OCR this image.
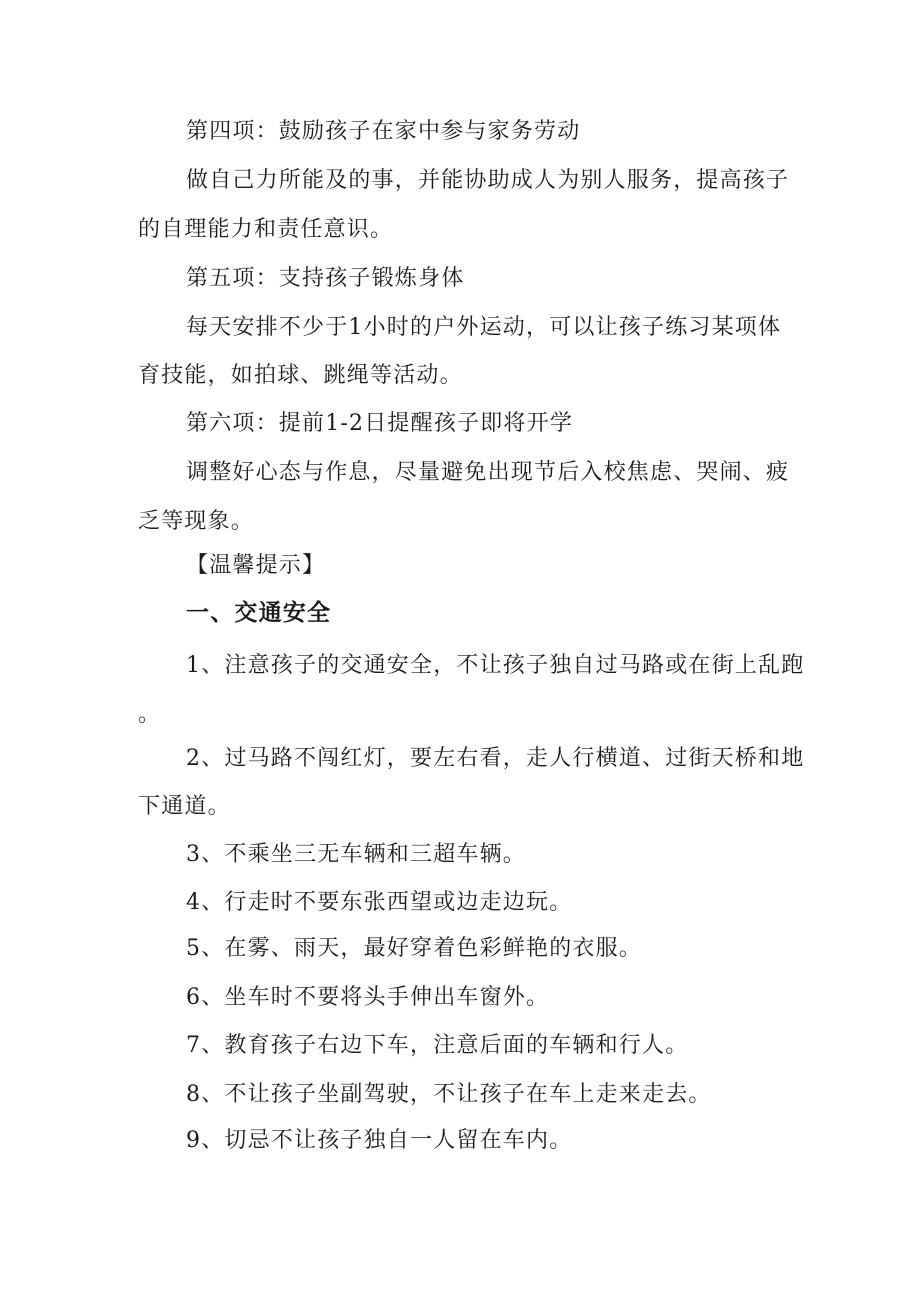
第四项：鼓励孩子在家中参与家务劳动
做自己力所能及的事，并能协助成人为别人服务，提高孩子
的自理能力和责任意识。
第五项：支持孩子锻炼身体
每天安排不少于1小时的户外运动，可以让孩子练习某项体
育技能，如拍球、跳绳等活动。
第六项：提前1-2日提醒孩子即将开学
调整好心态与作息，尽量避免出现节后入校焦虑、哭闹、疲
乏等现象。
【温馨提示】
一、交通安全
1、注意孩子的交通安全，不让孩子独自过马路或在街上乱跑
。
2、过马路不闯红灯，要左右看，走人行横道、过街天桥和地
下通道。
3、不乘坐三无车辆和三超车辆。
4、行走时不要东张西望或边走边玩。
5、在雾、雨天，最好穿着色彩鲜艳的衣服。
6、坐车时不要将头手伸出车窗外。
7、教育孩子右边下车，注意后面的车辆和行人。
8、不让孩子坐副驾驶，不让孩子在车上走来走去。
9、切忌不让孩子独自一人留在车内。
